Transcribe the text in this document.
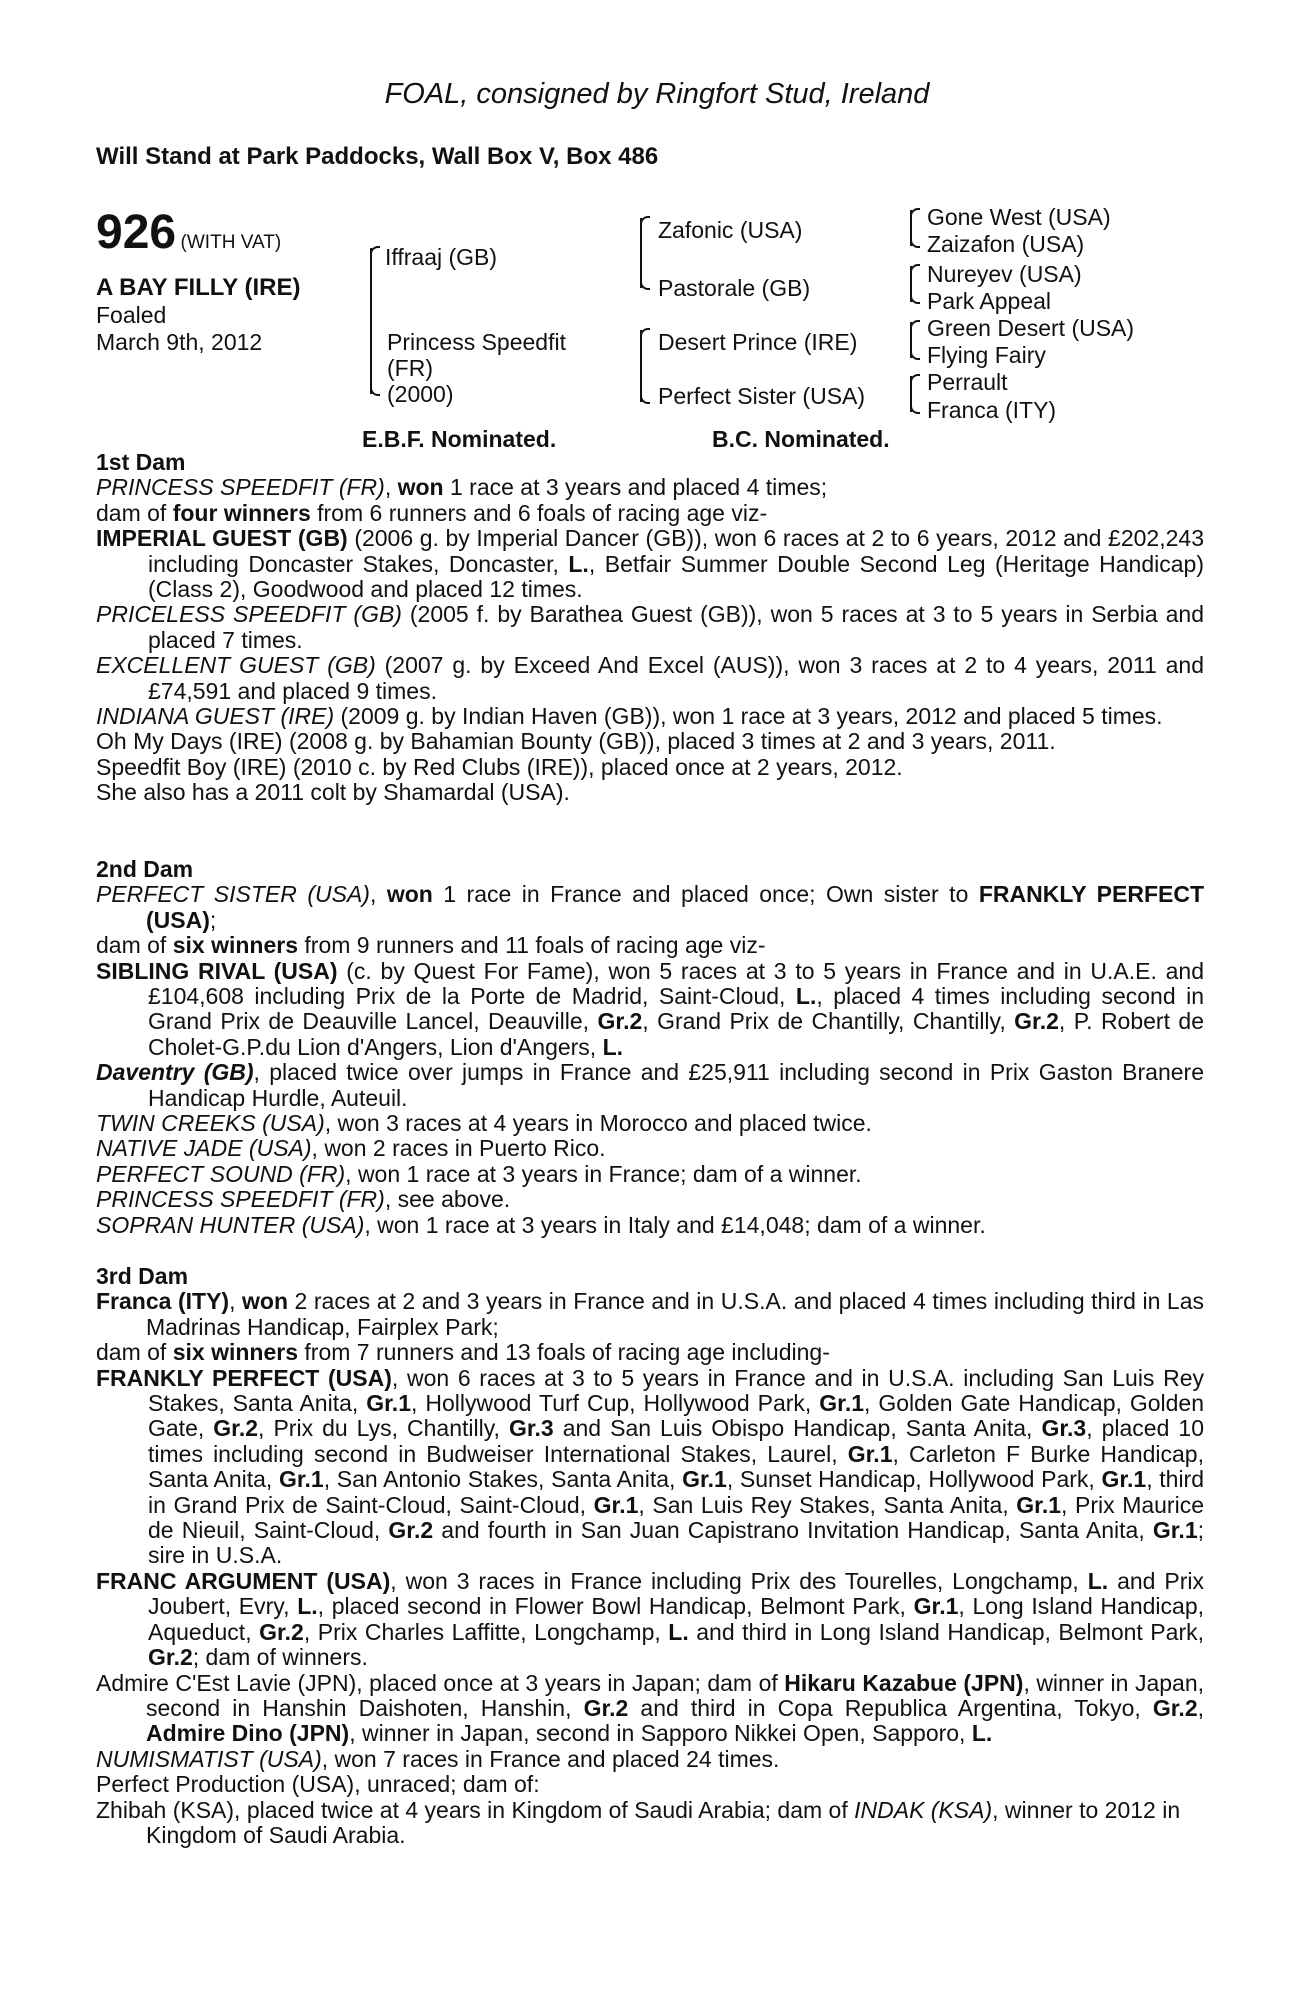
FOAL, consigned by Ringfort Stud, Ireland
Will Stand at Park Paddocks, Wall Box V, Box 486
926 (WITH VAT)
A BAY FILLY (IRE)
Foaled
March 9th, 2012
Iffraaj (GB)
Princess Speedfit
(FR)
(2000)
Zafonic (USA)
Pastorale (GB)
Desert Prince (IRE)
Perfect Sister (USA)
Gone West (USA)
Zaizafon (USA)
Nureyev (USA)
Park Appeal
Green Desert (USA)
Flying Fairy
Perrault
Franca (ITY)
E.B.F. Nominated.	B.C. Nominated.

1st Dam

PRINCESS SPEEDFIT (FR), won 1 race at 3 years and placed 4 times;

dam of four winners from 6 runners and 6 foals of racing age viz-

IMPERIAL GUEST (GB) (2006 g. by Imperial Dancer (GB)), won 6 races at 2 to 6 years, 2012 and £202,243 including Doncaster Stakes, Doncaster, L., Betfair Summer Double Second Leg (Heritage Handicap) (Class 2), Goodwood and placed 12 times.

PRICELESS SPEEDFIT (GB) (2005 f. by Barathea Guest (GB)), won 5 races at 3 to 5 years in Serbia and placed 7 times.

EXCELLENT GUEST (GB) (2007 g. by Exceed And Excel (AUS)), won 3 races at 2 to 4 years, 2011 and £74,591 and placed 9 times.

INDIANA GUEST (IRE) (2009 g. by Indian Haven (GB)), won 1 race at 3 years, 2012 and placed 5 times.

Oh My Days (IRE) (2008 g. by Bahamian Bounty (GB)), placed 3 times at 2 and 3 years, 2011.

Speedfit Boy (IRE) (2010 c. by Red Clubs (IRE)), placed once at 2 years, 2012.

She also has a 2011 colt by Shamardal (USA).

2nd Dam

PERFECT SISTER (USA), won 1 race in France and placed once; Own sister to FRANKLY PERFECT (USA);

dam of six winners from 9 runners and 11 foals of racing age viz-

SIBLING RIVAL (USA) (c. by Quest For Fame), won 5 races at 3 to 5 years in France and in U.A.E. and £104,608 including Prix de la Porte de Madrid, Saint-Cloud, L., placed 4 times including second in Grand Prix de Deauville Lancel, Deauville, Gr.2, Grand Prix de Chantilly, Chantilly, Gr.2, P. Robert de Cholet-G.P.du Lion d'Angers, Lion d'Angers, L.

Daventry (GB), placed twice over jumps in France and £25,911 including second in Prix Gaston Branere Handicap Hurdle, Auteuil.

TWIN CREEKS (USA), won 3 races at 4 years in Morocco and placed twice.

NATIVE JADE (USA), won 2 races in Puerto Rico.

PERFECT SOUND (FR), won 1 race at 3 years in France; dam of a winner.

PRINCESS SPEEDFIT (FR), see above.

SOPRAN HUNTER (USA), won 1 race at 3 years in Italy and £14,048; dam of a winner.

3rd Dam

Franca (ITY), won 2 races at 2 and 3 years in France and in U.S.A. and placed 4 times including third in Las Madrinas Handicap, Fairplex Park;

dam of six winners from 7 runners and 13 foals of racing age including-

FRANKLY PERFECT (USA), won 6 races at 3 to 5 years in France and in U.S.A. including San Luis Rey Stakes, Santa Anita, Gr.1, Hollywood Turf Cup, Hollywood Park, Gr.1, Golden Gate Handicap, Golden Gate, Gr.2, Prix du Lys, Chantilly, Gr.3 and San Luis Obispo Handicap, Santa Anita, Gr.3, placed 10 times including second in Budweiser International Stakes, Laurel, Gr.1, Carleton F Burke Handicap, Santa Anita, Gr.1, San Antonio Stakes, Santa Anita, Gr.1, Sunset Handicap, Hollywood Park, Gr.1, third in Grand Prix de Saint-Cloud, Saint-Cloud, Gr.1, San Luis Rey Stakes, Santa Anita, Gr.1, Prix Maurice de Nieuil, Saint-Cloud, Gr.2 and fourth in San Juan Capistrano Invitation Handicap, Santa Anita, Gr.1; sire in U.S.A.

FRANC ARGUMENT (USA), won 3 races in France including Prix des Tourelles, Longchamp, L. and Prix Joubert, Evry, L., placed second in Flower Bowl Handicap, Belmont Park, Gr.1, Long Island Handicap, Aqueduct, Gr.2, Prix Charles Laffitte, Longchamp, L. and third in Long Island Handicap, Belmont Park, Gr.2; dam of winners.

Admire C'Est Lavie (JPN), placed once at 3 years in Japan; dam of Hikaru Kazabue (JPN), winner in Japan, second in Hanshin Daishoten, Hanshin, Gr.2 and third in Copa Republica Argentina, Tokyo, Gr.2, Admire Dino (JPN), winner in Japan, second in Sapporo Nikkei Open, Sapporo, L.

NUMISMATIST (USA), won 7 races in France and placed 24 times.

Perfect Production (USA), unraced; dam of:

Zhibah (KSA), placed twice at 4 years in Kingdom of Saudi Arabia; dam of INDAK (KSA), winner to 2012 in Kingdom of Saudi Arabia.
